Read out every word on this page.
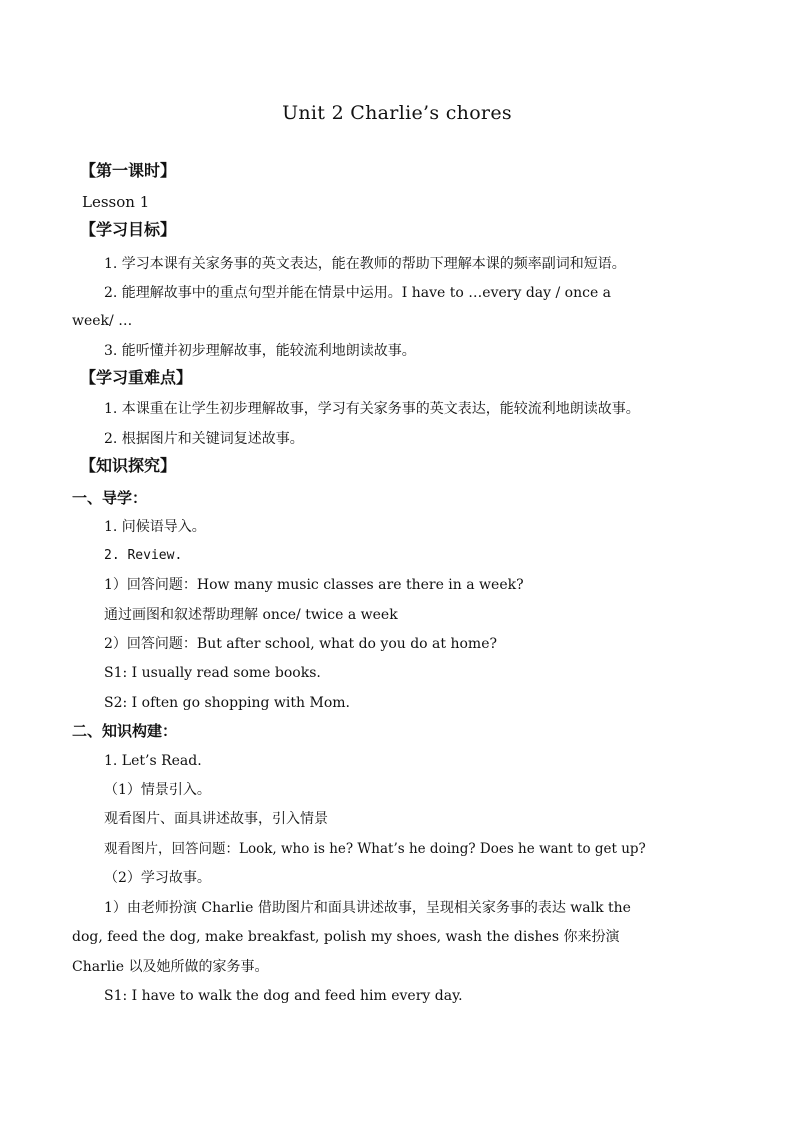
Unit 2 Charlie’s chores
【第一课时】
Lesson 1
【学习目标】
1. 学习本课有关家务事的英文表达，能在教师的帮助下理解本课的频率副词和短语。
2. 能理解故事中的重点句型并能在情景中运用。I have to …every day / once a
week/ …
3. 能听懂并初步理解故事，能较流利地朗读故事。
【学习重难点】
1. 本课重在让学生初步理解故事，学习有关家务事的英文表达，能较流利地朗读故事。
2. 根据图片和关键词复述故事。
【知识探究】
一、导学：
1. 问候语导入。
2. Review.
1）回答问题：How many music classes are there in a week?
通过画图和叙述帮助理解 once/ twice a week
2）回答问题：But after school, what do you do at home?
S1: I usually read some books.
S2: I often go shopping with Mom.
二、知识构建：
1. Let’s Read.
（1）情景引入。
观看图片、面具讲述故事，引入情景
观看图片，回答问题：Look, who is he? What’s he doing? Does he want to get up?
（2）学习故事。
1）由老师扮演 Charlie 借助图片和面具讲述故事，呈现相关家务事的表达 walk the
dog, feed the dog, make breakfast, polish my shoes, wash the dishes 你来扮演
Charlie 以及她所做的家务事。
S1: I have to walk the dog and feed him every day.
